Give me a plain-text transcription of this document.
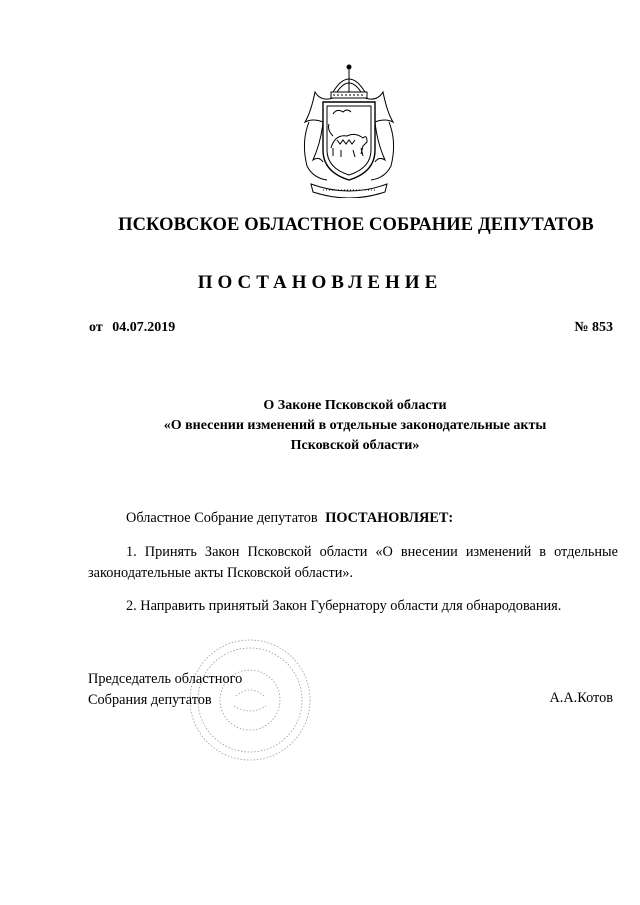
ПСКОВСКОЕ ОБЛАСТНОЕ СОБРАНИЕ ДЕПУТАТОВ
ПОСТАНОВЛЕНИЕ
от 04.07.2019	№ 853
О Законе Псковской области
«О внесении изменений в отдельные законодательные акты
Псковской области»
Областное Собрание депутатов ПОСТАНОВЛЯЕТ:
1. Принять Закон Псковской области «О внесении изменений в отдельные законодательные акты Псковской области».
2. Направить принятый Закон Губернатору области для обнародования.
Председатель областного
Собрания депутатов	А.А.Котов
